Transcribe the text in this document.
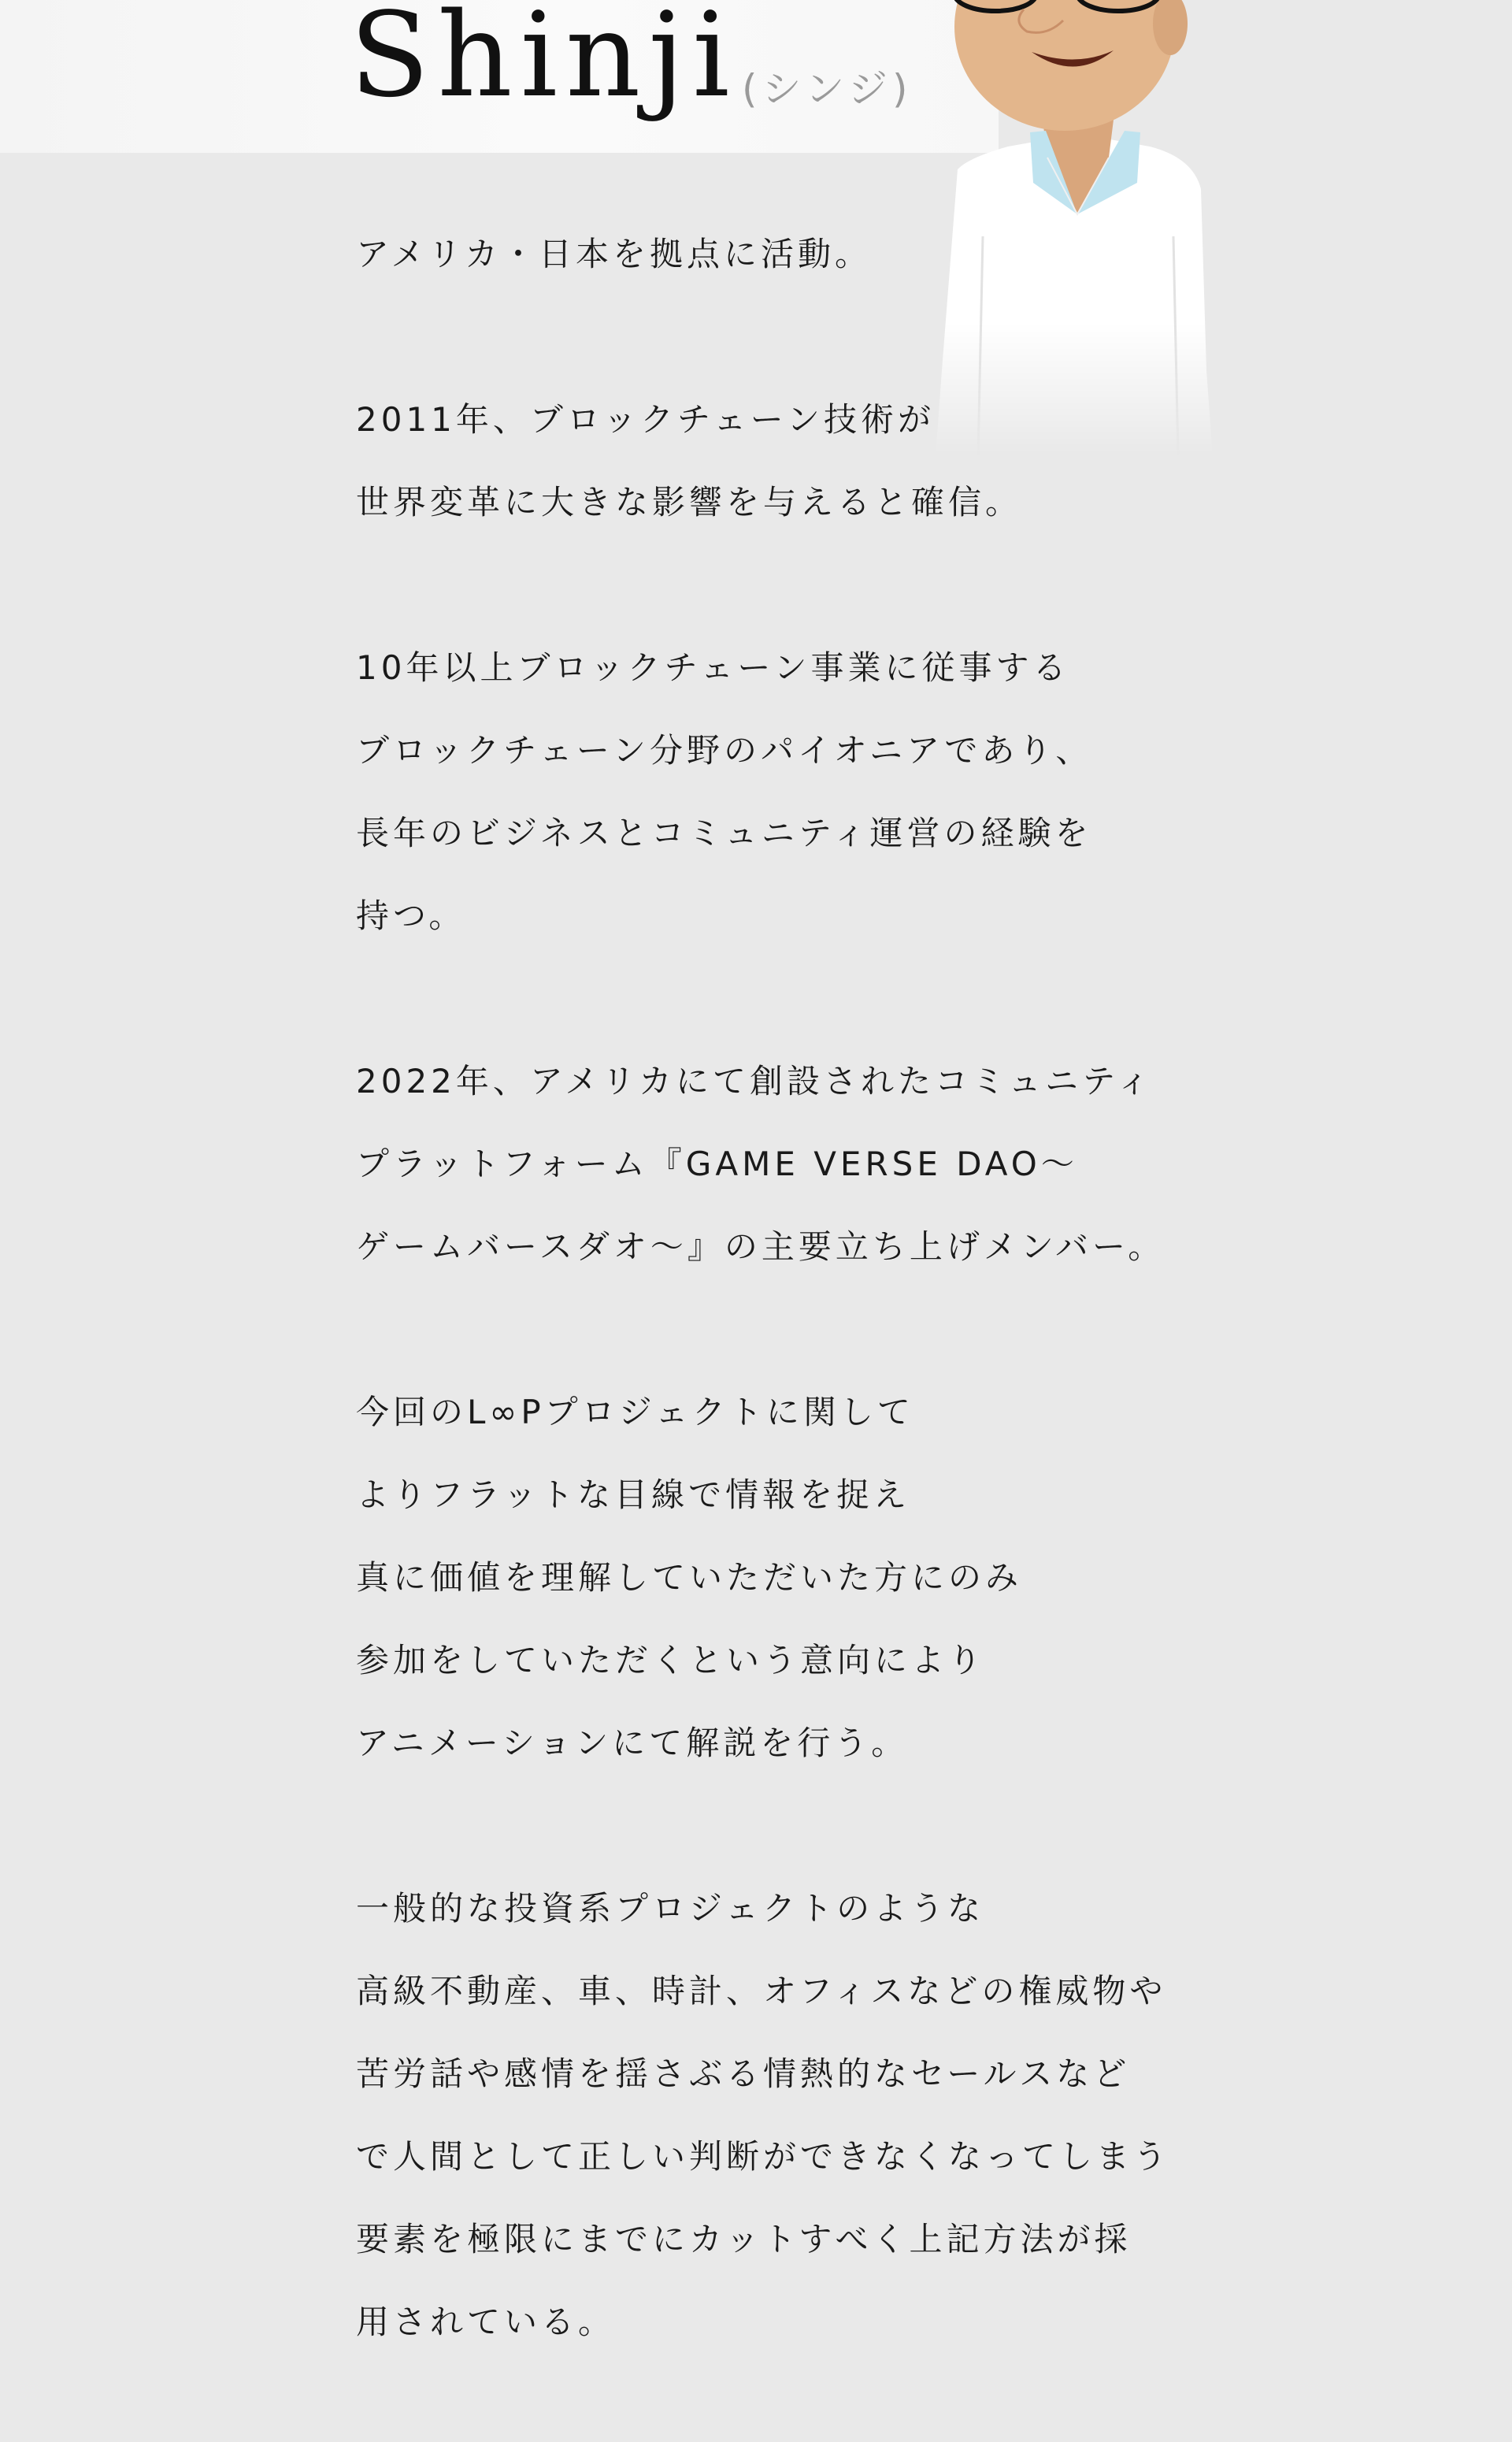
Shinji (シンジ)

アメリカ・日本を拠点に活動。

2011年、ブロックチェーン技術が
世界変革に大きな影響を与えると確信。

10年以上ブロックチェーン事業に従事する
ブロックチェーン分野のパイオニアであり、
長年のビジネスとコミュニティ運営の経験を
持つ。

2022年、アメリカにて創設されたコミュニティ
プラットフォーム『GAME VERSE DAO～
ゲームバースダオ～』の主要立ち上げメンバー。

今回のL∞Pプロジェクトに関して
よりフラットな目線で情報を捉え
真に価値を理解していただいた方にのみ
参加をしていただくという意向により
アニメーションにて解説を行う。

一般的な投資系プロジェクトのような
高級不動産、車、時計、オフィスなどの権威物や
苦労話や感情を揺さぶる情熱的なセールスなど
で人間として正しい判断ができなくなってしまう
要素を極限にまでにカットすべく上記方法が採
用されている。
